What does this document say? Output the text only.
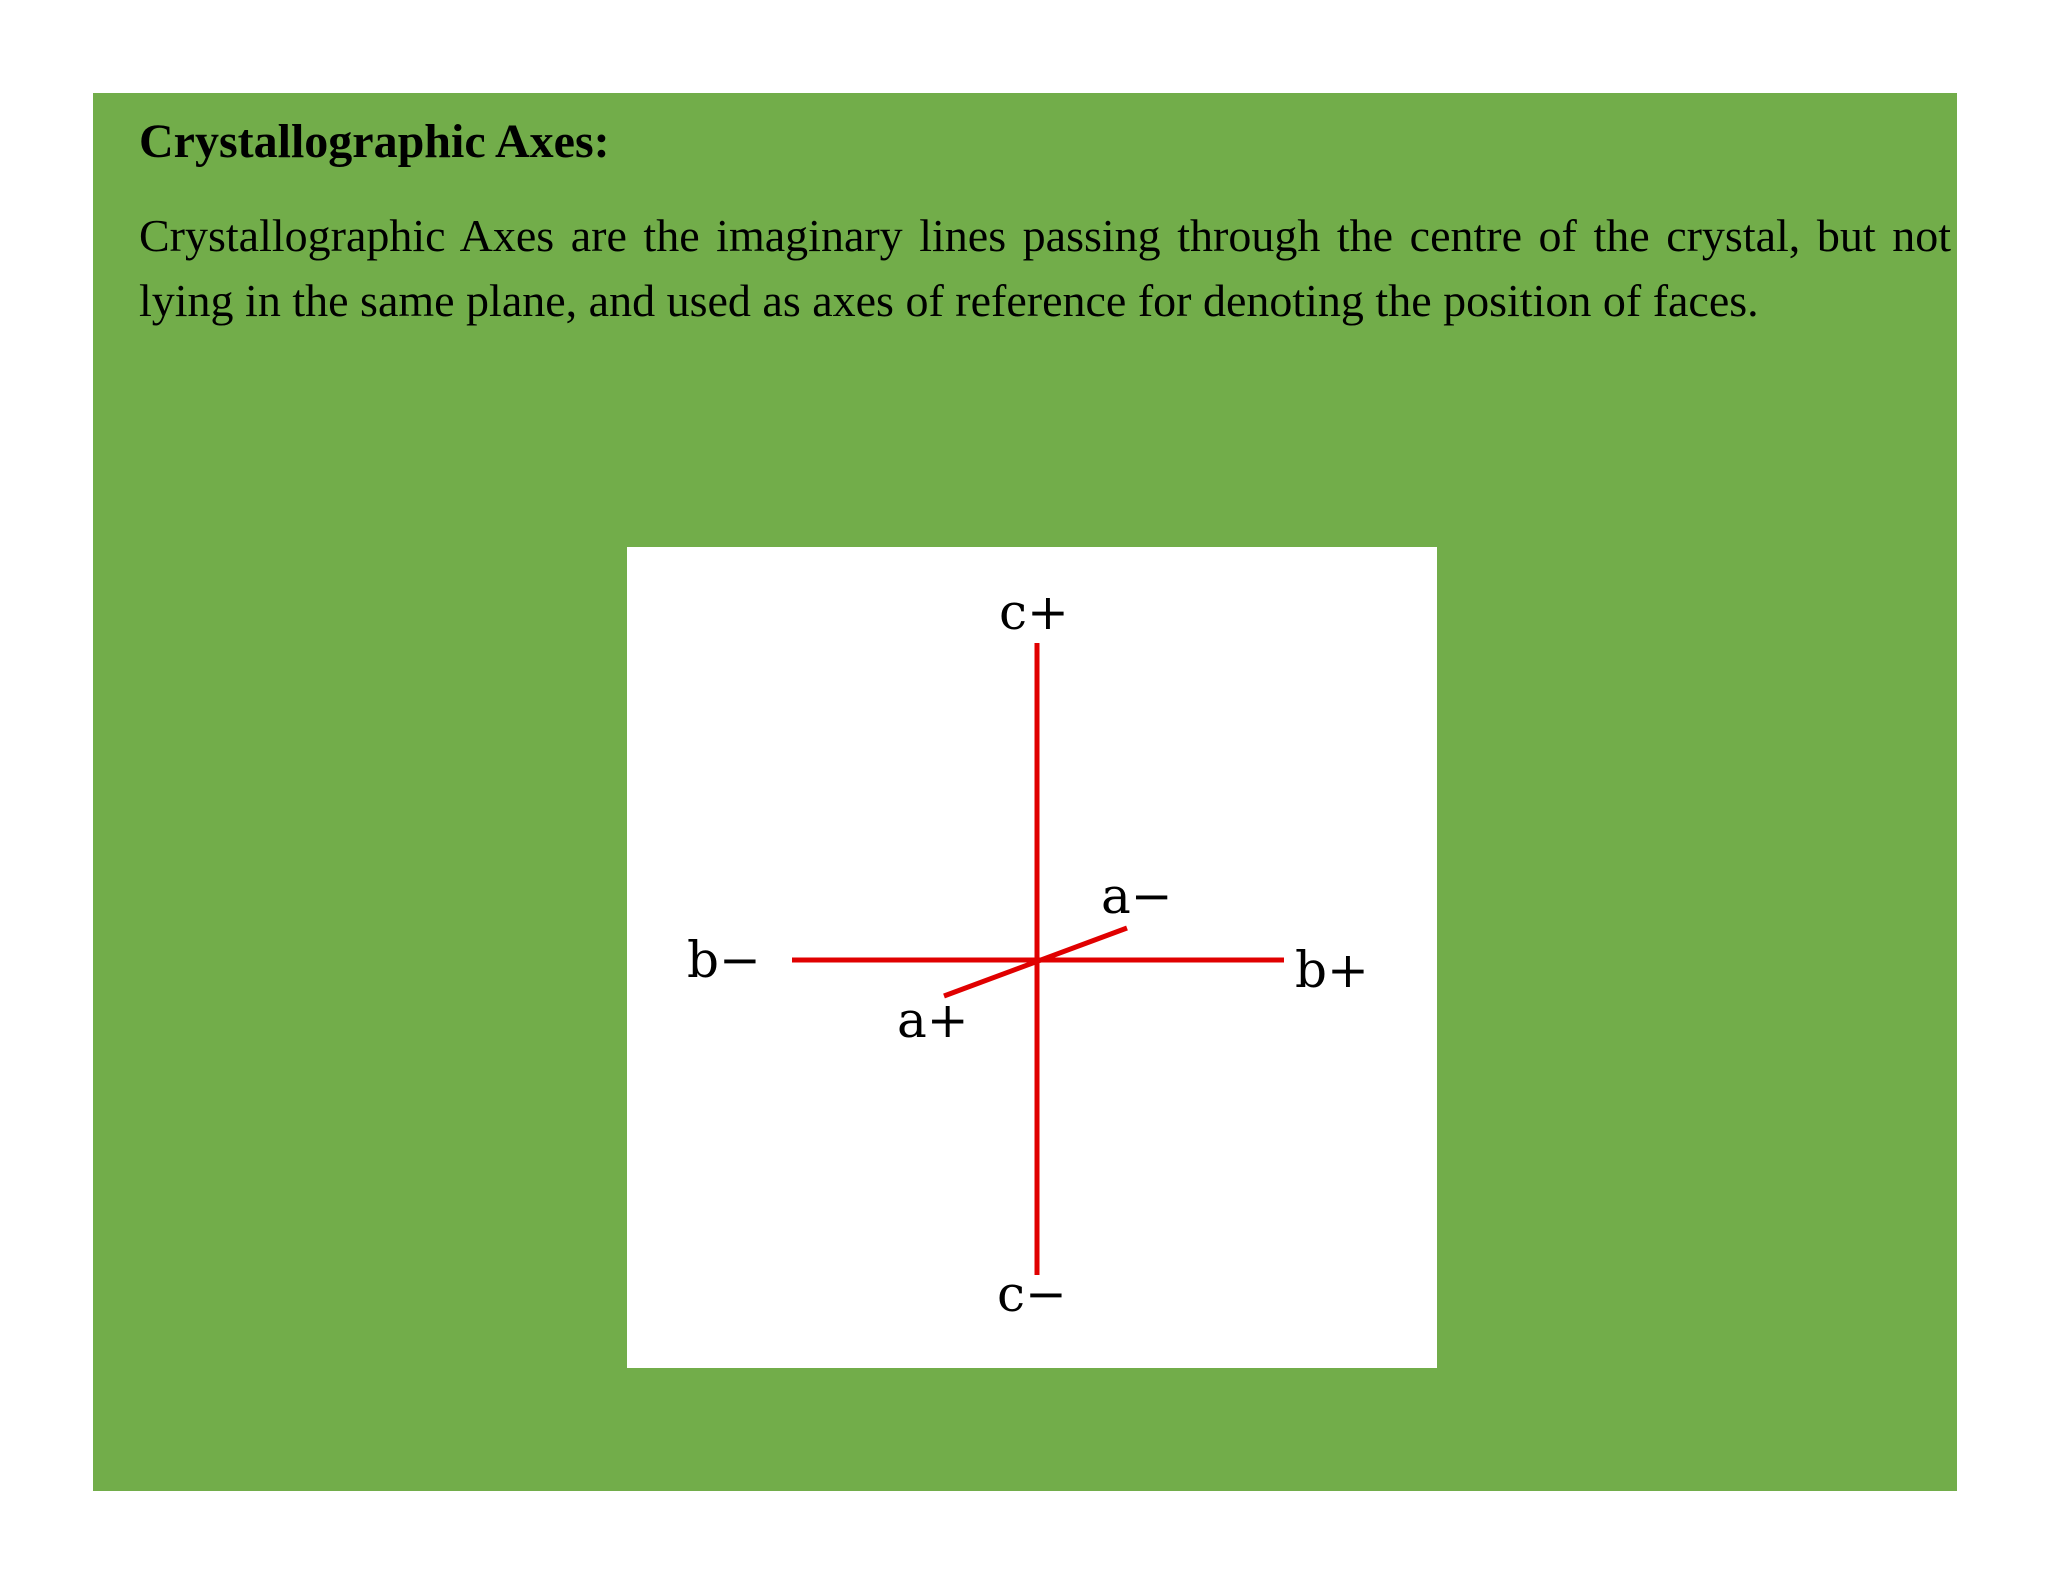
Crystallographic Axes:

Crystallographic Axes are the imaginary lines passing through the centre of the crystal, but not lying in the same plane, and used as axes of reference for denoting the position of faces.

c+
c−
b−	b+
a−
a+
